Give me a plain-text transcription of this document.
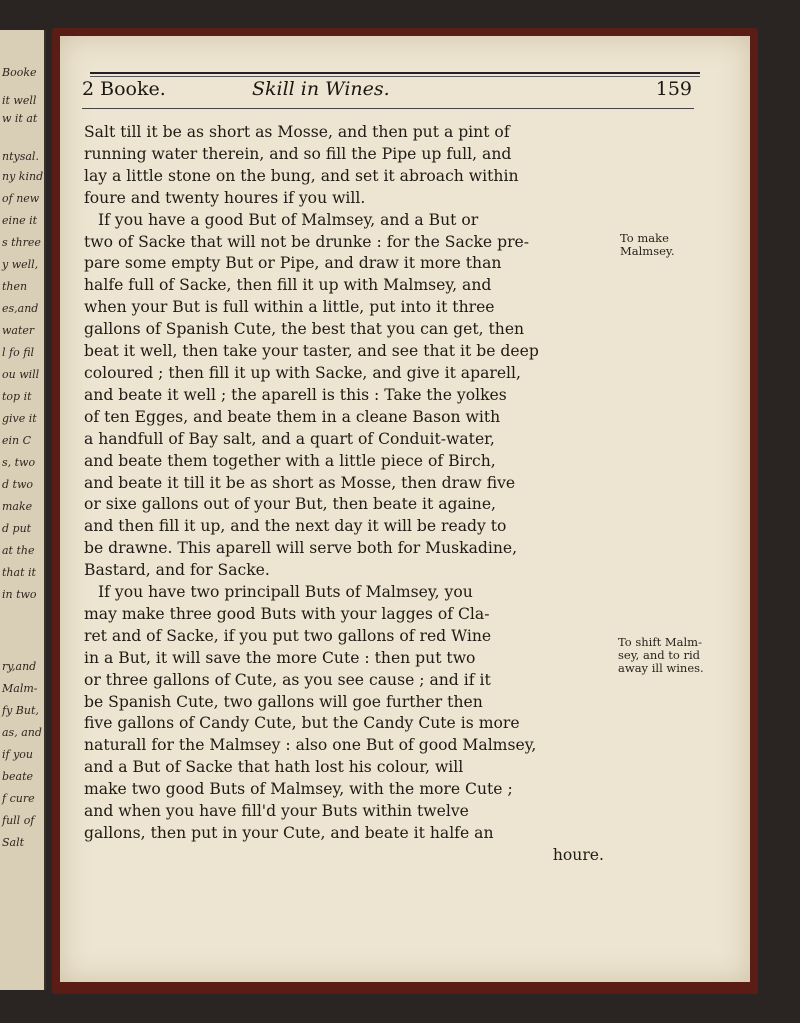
Booke
it well
w it at
ntysal.
ny kind
of new
eine it
s three
y well,
then
es,and
water
l fo fil
ou will
top it
give it
ein C
s, two
d two
make
d put
at the
that it
in two
ry,and
Malm-
fy But,
as, and
if you
beate
f cure
full of
Salt
2 Booke.	Skill in Wines.	159
Salt till it be as short as Mosse, and then put a pint of
running water therein, and so fill the Pipe up full, and
lay a little stone on the bung, and set it abroach within
foure and twenty houres if you will.
If you have a good But of Malmsey, and a But or
two of Sacke that will not be drunke : for the Sacke pre-
pare some empty But or Pipe, and draw it more than
halfe full of Sacke, then fill it up with Malmsey, and
when your But is full within a little, put into it three
gallons of Spanish Cute, the best that you can get, then
beat it well, then take your taster, and see that it be deep
coloured ; then fill it up with Sacke, and give it aparell,
and beate it well ; the aparell is this : Take the yolkes
of ten Egges, and beate them in a cleane Bason with
a handfull of Bay salt, and a quart of Conduit-water,
and beate them together with a little piece of Birch,
and beate it till it be as short as Mosse, then draw five
or sixe gallons out of your But, then beate it againe,
and then fill it up, and the next day it will be ready to
be drawne. This aparell will serve both for Muskadine,
Bastard, and for Sacke.
If you have two principall Buts of Malmsey, you
may make three good Buts with your lagges of Cla-
ret and of Sacke, if you put two gallons of red Wine
in a But, it will save the more Cute : then put two
or three gallons of Cute, as you see cause ; and if it
be Spanish Cute, two gallons will goe further then
five gallons of Candy Cute, but the Candy Cute is more
naturall for the Malmsey : also one But of good Malmsey,
and a But of Sacke that hath lost his colour, will
make two good Buts of Malmsey, with the more Cute ;
and when you have fill'd your Buts within twelve
gallons, then put in your Cute, and beate it halfe an
houre.
To make
Malmsey.
To shift Malm-
sey, and to rid
away ill wines.
